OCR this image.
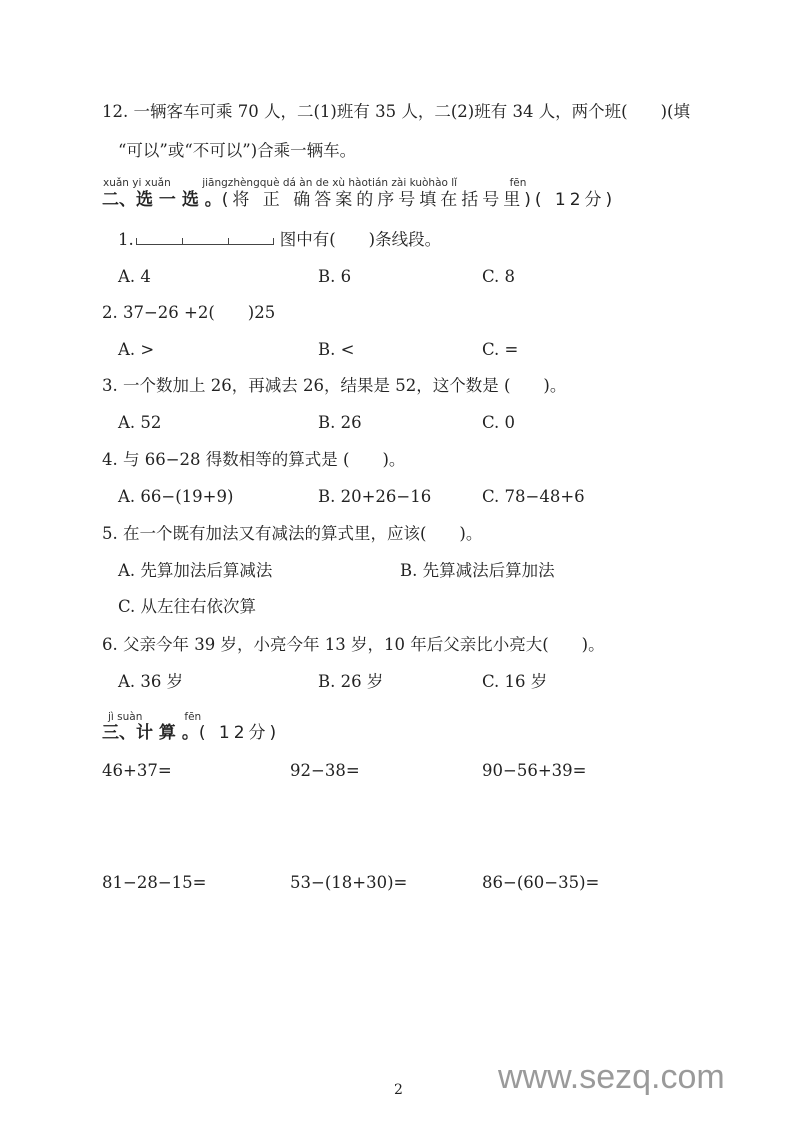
12. 一辆客车可乘 70 人，二(1)班有 35 人，二(2)班有 34 人，两个班(　　)(填
“可以”或“不可以”)合乘一辆车。
xuǎn yi xuǎn　　　jiāngzhèngquè dá àn de xù hàotián zài kuòhào lǐ　　　　　fēn
二、选 一 选 。(将 正 确答案的序号填在括号里)( 12分)
1.	图中有(　　)条线段。
A. 4	B. 6	C. 8
2. 37−26 +2(　　)25
A. >	B. <	C. =
3. 一个数加上 26，再减去 26，结果是 52，这个数是 (　　)。
A. 52	B. 26	C. 0
4. 与 66−28 得数相等的算式是 (　　)。
A. 66−(19+9)	B. 20+26−16	C. 78−48+6
5. 在一个既有加法又有减法的算式里，应该(　　)。
A. 先算加法后算减法	B. 先算减法后算加法
C. 从左往右依次算
6. 父亲今年 39 岁，小亮今年 13 岁，10 年后父亲比小亮大(　　)。
A. 36 岁	B. 26 岁	C. 16 岁
jì suàn　　　　fēn
三、计 算 。( 12分)
46+37=	92−38=	90−56+39=
81−28−15=	53−(18+30)=	86−(60−35)=
2	www.sezq.com
